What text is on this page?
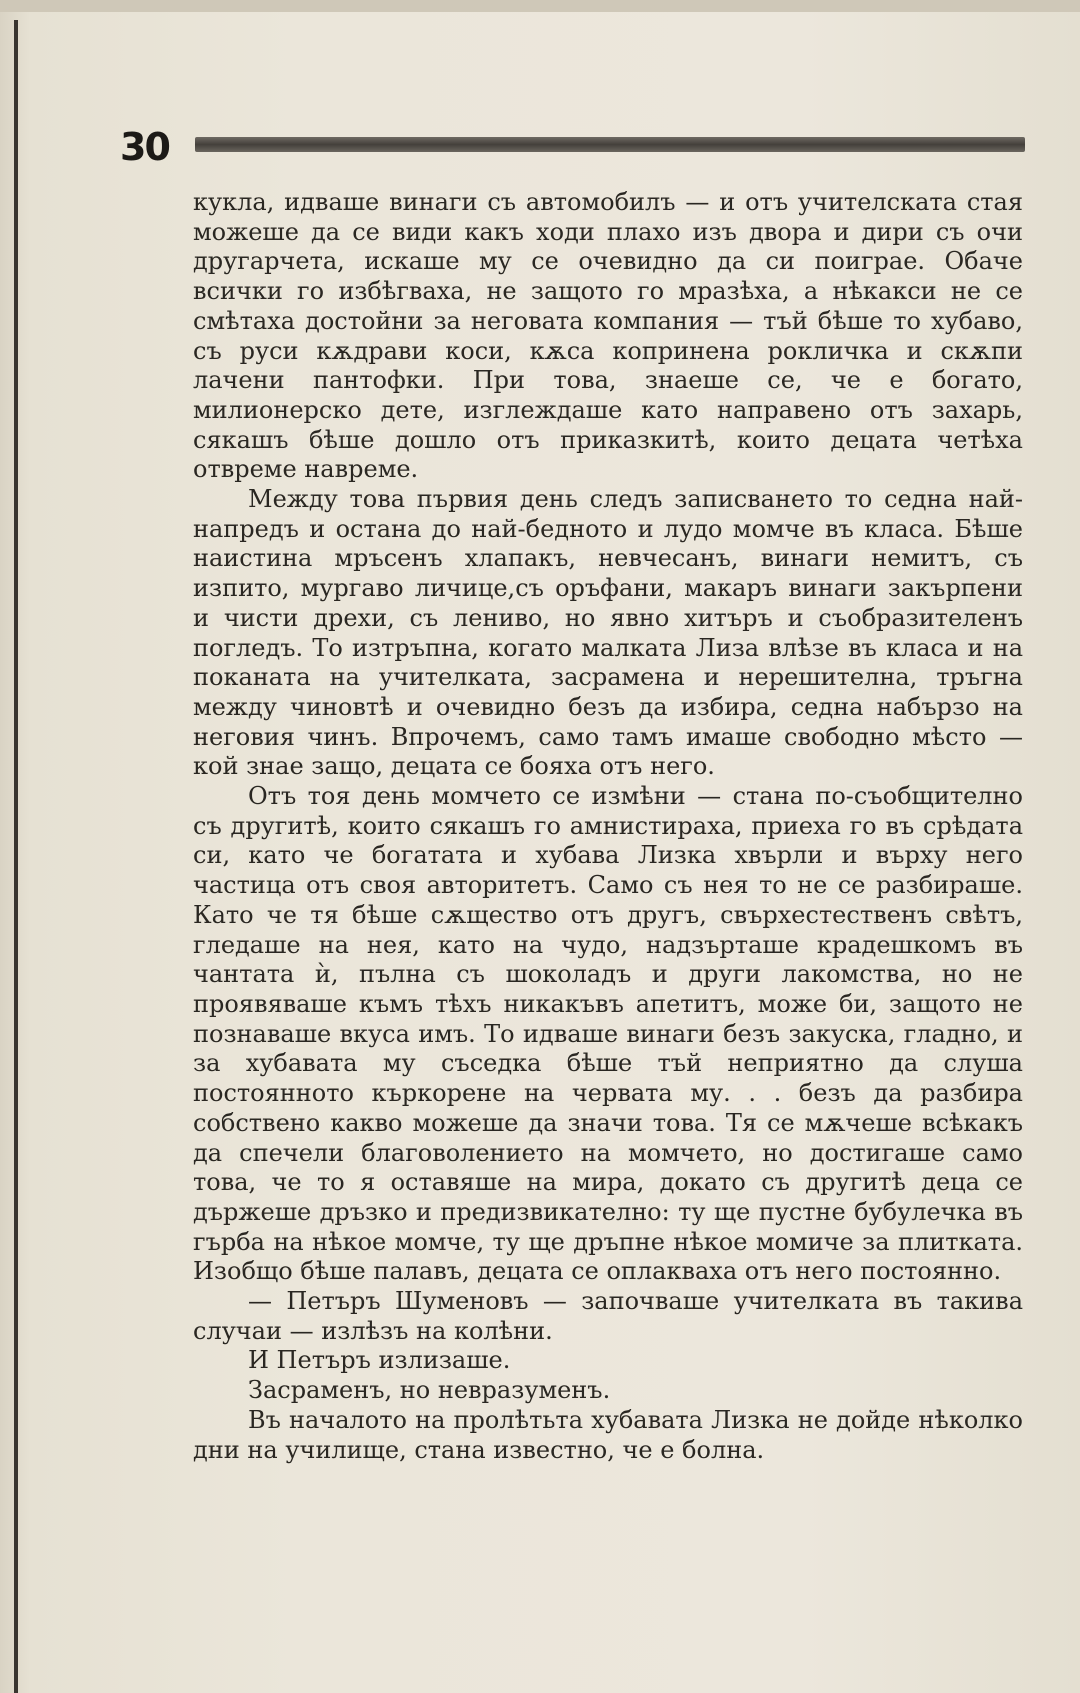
30

кукла, идваше винаги съ автомобилъ — и отъ учителската стая можеше да се види какъ ходи плахо изъ двора и дири съ очи другарчета, искаше му се очевидно да си поиграе. Обаче всички го избѣгваха, не защото го мразѣха, а нѣкакси не се смѣтаха достойни за неговата компания — тъй бѣше то хубаво, съ руси кѫдрави коси, кѫса копринена рокличка и скѫпи лачени пантофки. При това, знаеше се, че е богато, милионерско дете, изглеждаше като направено отъ захарь, сякашъ бѣше дошло отъ приказкитѣ, които децата четѣха отвреме навреме.

Между това първия день следъ записването то седна най-напредъ и остана до най-бедното и лудо момче въ класа. Бѣше наистина мръсенъ хлапакъ, невчесанъ, винаги немитъ, съ изпито, мургаво личице,съ оръфани, макаръ винаги закърпени и чисти дрехи, съ лениво, но явно хитъръ и съобразителенъ погледъ. То изтръпна, когато малката Лиза влѣзе въ класа и на поканата на учителката, засрамена и нерешителна, тръгна между чиновтѣ и очевидно безъ да избира, седна набързо на неговия чинъ. Впрочемъ, само тамъ имаше свободно мѣсто — кой знае защо, децата се бояха отъ него.

Отъ тоя день момчето се измѣни — стана по-съобщително съ другитѣ, които сякашъ го амнистираха, приеха го въ срѣдата си, като че богатата и хубава Лизка хвърли и върху него частица отъ своя авторитетъ. Само съ нея то не се разбираше. Като че тя бѣше сѫщество отъ другъ, свърхестественъ свѣтъ, гледаше на нея, като на чудо, надзърташе крадешкомъ въ чантата ѝ, пълна съ шоколадъ и други лакомства, но не проявяваше къмъ тѣхъ никакъвъ апетитъ, може би, защото не познаваше вкуса имъ. То идваше винаги безъ закуска, гладно, и за хубавата му съседка бѣше тъй неприятно да слуша постоянното къркорене на червата му. . . безъ да разбира собствено какво можеше да значи това. Тя се мѫчеше всѣкакъ да спечели благоволението на момчето, но достигаше само това, че то я оставяше на мира, докато съ другитѣ деца се държеше дръзко и предизвикателно: ту ще пустне бубулечка въ гърба на нѣкое момче, ту ще дръпне нѣкое момиче за плитката. Изобщо бѣше палавъ, децата се оплакваха отъ него постоянно.

— Петъръ Шуменовъ — започваше учителката въ такива случаи — излѣзъ на колѣни.

И Петъръ излизаше.

Засраменъ, но невразуменъ.

Въ началото на пролѣтьта хубавата Лизка не дойде нѣколко дни на училище, стана известно, че е болна.
